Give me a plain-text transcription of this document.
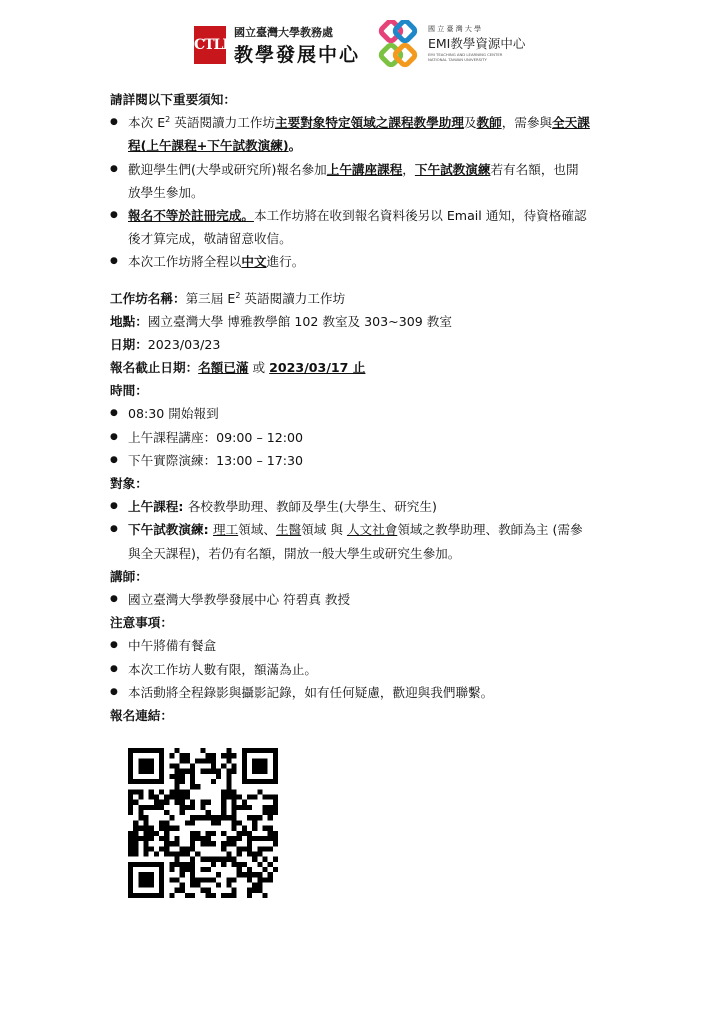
CTLD
國立臺灣大學教務處
教學發展中心
國 立 臺 灣 大 學
EMI教學資源中心
EMI TEACHING AND LEARNING CENTER
NATIONAL TAIWAN UNIVERSITY
請詳閱以下重要須知：
● 本次 $E^2$ 英語閱讀力工作坊主要對象特定領域之課程教學助理及教師，需參與全天課
程(上午課程+下午試教演練)。
● 歡迎學生們(大學或研究所)報名參加上午講座課程，下午試教演練若有名額，也開
放學生參加。
● 報名不等於註冊完成。本工作坊將在收到報名資料後另以 Email 通知，待資格確認
後才算完成，敬請留意收信。
● 本次工作坊將全程以中文進行。
工作坊名稱：第三屆 $E^2$ 英語閱讀力工作坊
地點：國立臺灣大學 博雅教學館 102 教室及 303~309 教室
日期：2023/03/23
報名截止日期：名額已滿 或 2023/03/17 止
時間：
● 08:30 開始報到
● 上午課程講座：09:00 – 12:00
● 下午實際演練：13:00 – 17:30
對象：
● 上午課程: 各校教學助理、教師及學生(大學生、研究生)
● 下午試教演練: 理工領域、生醫領域 與 人文社會領域之教學助理、教師為主 (需參
與全天課程)，若仍有名額，開放一般大學生或研究生參加。
講師：
● 國立臺灣大學教學發展中心 符碧真 教授
注意事項：
● 中午將備有餐盒
● 本次工作坊人數有限，額滿為止。
● 本活動將全程錄影與攝影記錄，如有任何疑慮，歡迎與我們聯繫。
報名連結：
